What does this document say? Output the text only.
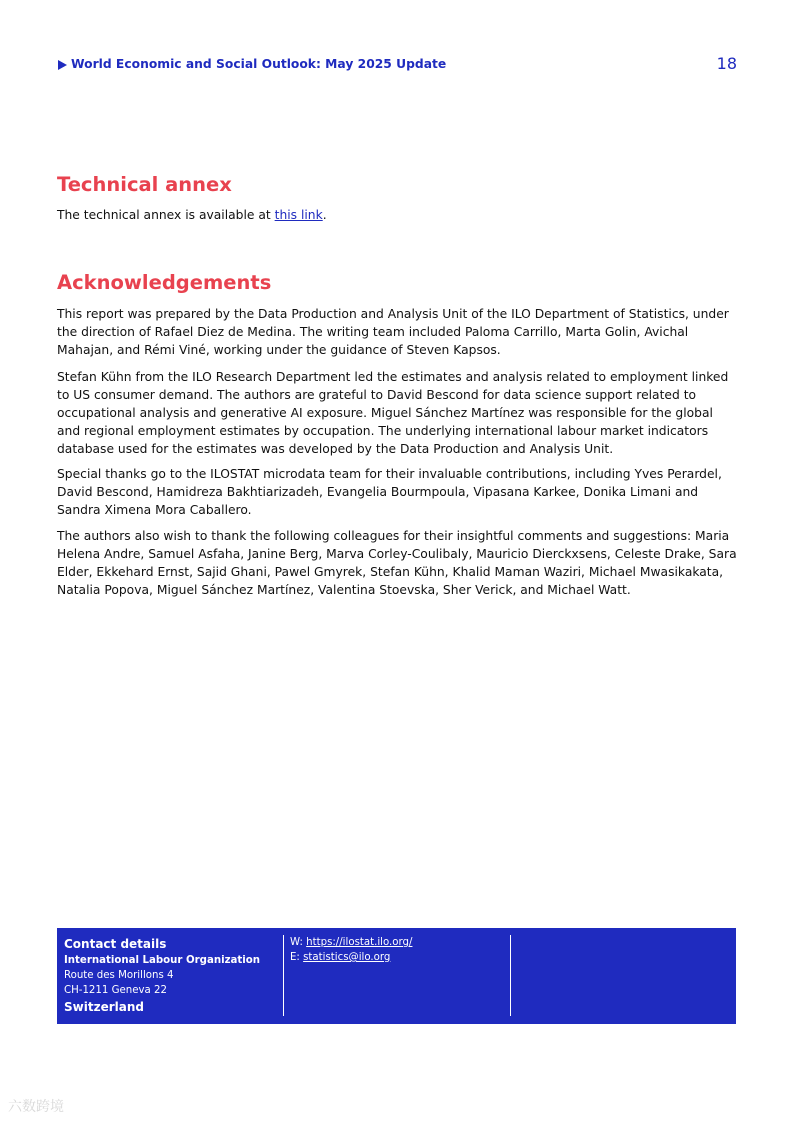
World Economic and Social Outlook: May 2025 Update	18
Technical annex

The technical annex is available at this link.

Acknowledgements

This report was prepared by the Data Production and Analysis Unit of the ILO Department of Statistics, under the direction of Rafael Diez de Medina. The writing team included Paloma Carrillo, Marta Golin, Avichal Mahajan, and Rémi Viné, working under the guidance of Steven Kapsos.

Stefan Kühn from the ILO Research Department led the estimates and analysis related to employment linked to US consumer demand. The authors are grateful to David Bescond for data science support related to occupational analysis and generative AI exposure. Miguel Sánchez Martínez was responsible for the global and regional employment estimates by occupation. The underlying international labour market indicators database used for the estimates was developed by the Data Production and Analysis Unit.

Special thanks go to the ILOSTAT microdata team for their invaluable contributions, including Yves Perardel, David Bescond, Hamidreza Bakhtiarizadeh, Evangelia Bourmpoula, Vipasana Karkee, Donika Limani and Sandra Ximena Mora Caballero.

The authors also wish to thank the following colleagues for their insightful comments and suggestions: Maria Helena Andre, Samuel Asfaha, Janine Berg, Marva Corley-Coulibaly, Mauricio Dierckxsens, Celeste Drake, Sara Elder, Ekkehard Ernst, Sajid Ghani, Pawel Gmyrek, Stefan Kühn, Khalid Maman Waziri, Michael Mwasikakata, Natalia Popova, Miguel Sánchez Martínez, Valentina Stoevska, Sher Verick, and Michael Watt.

Contact details
International Labour Organization
Route des Morillons 4
CH-1211 Geneva 22
Switzerland
W: https://ilostat.ilo.org/
E: statistics@ilo.org
六数跨境
